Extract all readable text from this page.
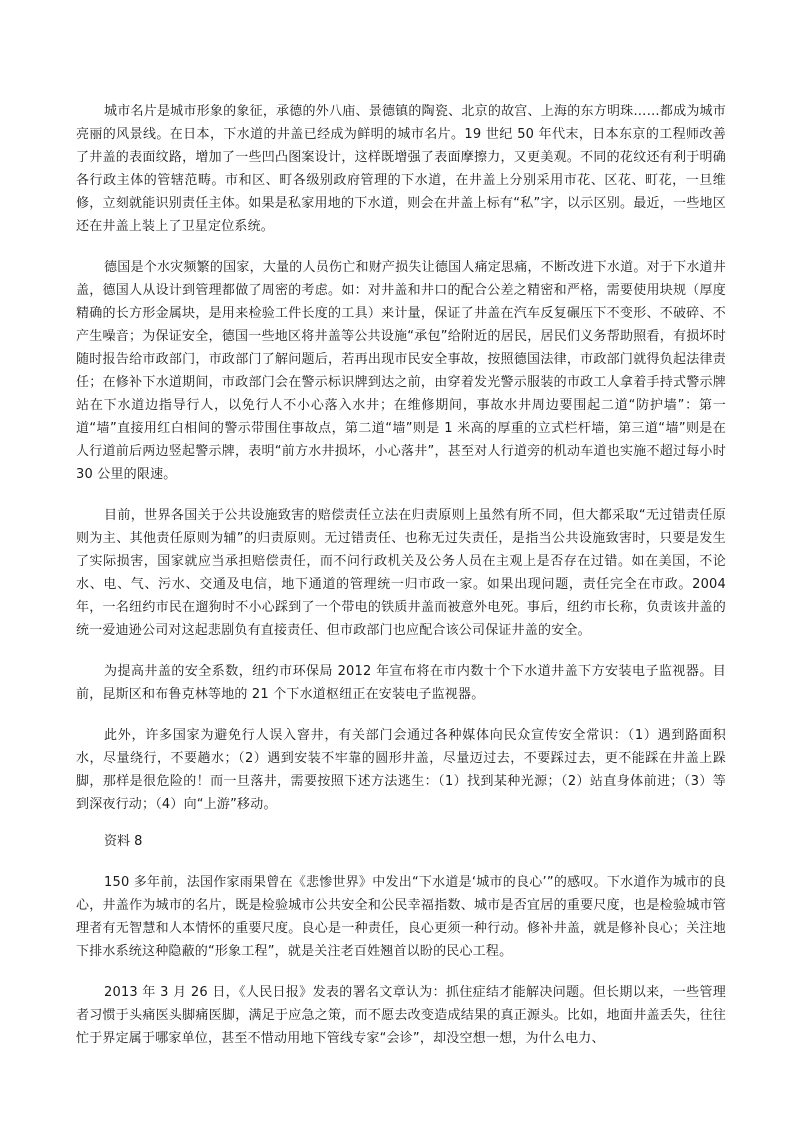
城市名片是城市形象的象征，承德的外八庙、景德镇的陶瓷、北京的故宫、上海的东方明珠……都成为城市亮丽的风景线。在日本，下水道的井盖已经成为鲜明的城市名片。19 世纪 50 年代末，日本东京的工程师改善了井盖的表面纹路，增加了一些凹凸图案设计，这样既增强了表面摩擦力，又更美观。不同的花纹还有利于明确各行政主体的管辖范畴。市和区、町各级别政府管理的下水道，在井盖上分别采用市花、区花、町花，一旦维修，立刻就能识别责任主体。如果是私家用地的下水道，则会在井盖上标有“私”字，以示区别。最近，一些地区还在井盖上装上了卫星定位系统。

德国是个水灾频繁的国家，大量的人员伤亡和财产损失让德国人痛定思痛，不断改进下水道。对于下水道井盖，德国人从设计到管理都做了周密的考虑。如：对井盖和井口的配合公差之精密和严格，需要使用块规（厚度精确的长方形金属块，是用来检验工件长度的工具）来计量，保证了井盖在汽车反复碾压下不变形、不破碎、不产生噪音；为保证安全，德国一些地区将井盖等公共设施“承包”给附近的居民，居民们义务帮助照看，有损坏时随时报告给市政部门，市政部门了解问题后，若再出现市民安全事故，按照德国法律，市政部门就得负起法律责任；在修补下水道期间，市政部门会在警示标识牌到达之前，由穿着发光警示服装的市政工人拿着手持式警示牌站在下水道边指导行人，以免行人不小心落入水井；在维修期间，事故水井周边要围起二道“防护墙”：第一道“墙”直接用红白相间的警示带围住事故点，第二道“墙”则是 1 米高的厚重的立式栏杆墙，第三道“墙”则是在人行道前后两边竖起警示牌，表明“前方水井损坏，小心落井”，甚至对人行道旁的机动车道也实施不超过每小时 30 公里的限速。

目前，世界各国关于公共设施致害的赔偿责任立法在归责原则上虽然有所不同，但大都采取“无过错责任原则为主、其他责任原则为辅”的归责原则。无过错责任、也称无过失责任，是指当公共设施致害时，只要是发生了实际损害，国家就应当承担赔偿责任，而不问行政机关及公务人员在主观上是否存在过错。如在美国，不论水、电、气、污水、交通及电信，地下通道的管理统一归市政一家。如果出现问题，责任完全在市政。2004 年，一名纽约市民在遛狗时不小心踩到了一个带电的铁质井盖而被意外电死。事后，纽约市长称，负责该井盖的统一爱迪逊公司对这起悲剧负有直接责任、但市政部门也应配合该公司保证井盖的安全。

为提高井盖的安全系数，纽约市环保局 2012 年宣布将在市内数十个下水道井盖下方安装电子监视器。目前，昆斯区和布鲁克林等地的 21 个下水道枢纽正在安装电子监视器。

此外，许多国家为避免行人误入窨井，有关部门会通过各种媒体向民众宣传安全常识：（1）遇到路面积水，尽量绕行，不要趟水；（2）遇到安装不牢靠的圆形井盖，尽量迈过去，不要踩过去，更不能踩在井盖上跺脚，那样是很危险的！而一旦落井，需要按照下述方法逃生：（1）找到某种光源；（2）站直身体前进；（3）等到深夜行动；（4）向“上游”移动。

资料 8

150 多年前，法国作家雨果曾在《悲惨世界》中发出“下水道是‘城市的良心’”的感叹。下水道作为城市的良心，井盖作为城市的名片，既是检验城市公共安全和公民幸福指数、城市是否宜居的重要尺度，也是检验城市管理者有无智慧和人本情怀的重要尺度。良心是一种责任，良心更须一种行动。修补井盖，就是修补良心；关注地下排水系统这种隐蔽的“形象工程”，就是关注老百姓翘首以盼的民心工程。

2013 年 3 月 26 日，《人民日报》发表的署名文章认为：抓住症结才能解决问题。但长期以来，一些管理者习惯于头痛医头脚痛医脚，满足于应急之策，而不愿去改变造成结果的真正源头。比如，地面井盖丢失，往往忙于界定属于哪家单位，甚至不惜动用地下管线专家“会诊”，却没空想一想，为什么电力、
